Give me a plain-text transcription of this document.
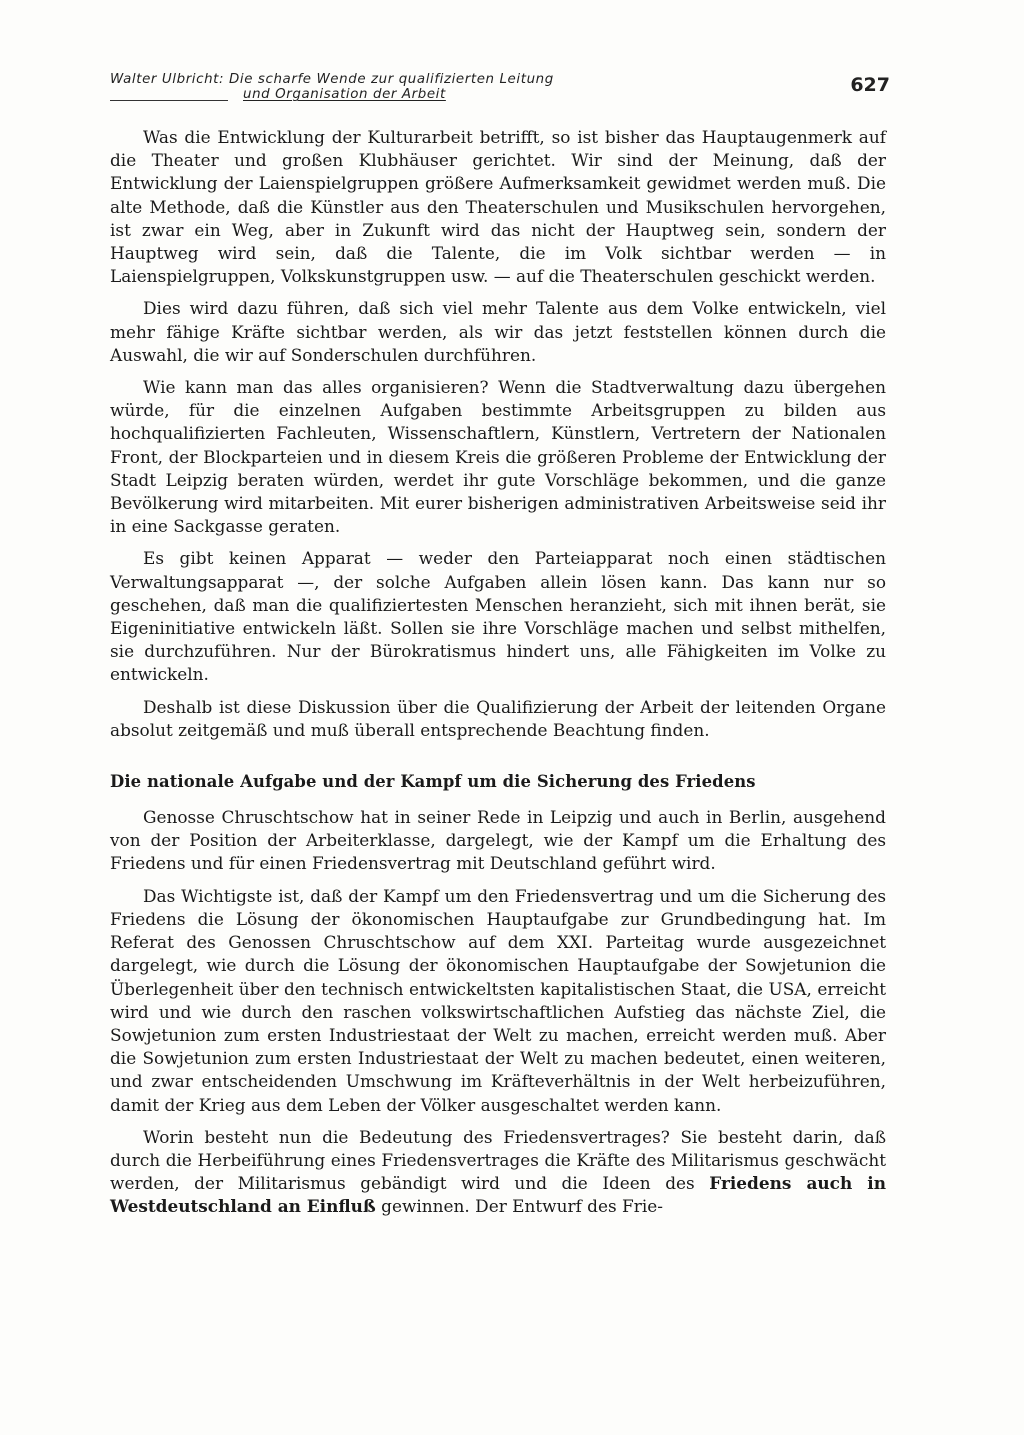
Walter Ulbricht: Die scharfe Wende zur qualifizierten Leitung
und Organisation der Arbeit	627

Was die Entwicklung der Kulturarbeit betrifft, so ist bisher das Hauptaugenmerk auf die Theater und großen Klubhäuser gerichtet. Wir sind der Meinung, daß der Entwicklung der Laienspielgruppen größere Aufmerksamkeit gewidmet werden muß. Die alte Methode, daß die Künstler aus den Theaterschulen und Musikschulen hervorgehen, ist zwar ein Weg, aber in Zukunft wird das nicht der Hauptweg sein, sondern der Hauptweg wird sein, daß die Talente, die im Volk sichtbar werden — in Laienspielgruppen, Volkskunstgruppen usw. — auf die Theaterschulen geschickt werden.

Dies wird dazu führen, daß sich viel mehr Talente aus dem Volke entwickeln, viel mehr fähige Kräfte sichtbar werden, als wir das jetzt feststellen können durch die Auswahl, die wir auf Sonderschulen durchführen.

Wie kann man das alles organisieren? Wenn die Stadtverwaltung dazu übergehen würde, für die einzelnen Aufgaben bestimmte Arbeitsgruppen zu bilden aus hochqualifizierten Fachleuten, Wissenschaftlern, Künstlern, Vertretern der Nationalen Front, der Blockparteien und in diesem Kreis die größeren Probleme der Entwicklung der Stadt Leipzig beraten würden, werdet ihr gute Vorschläge bekommen, und die ganze Bevölkerung wird mitarbeiten. Mit eurer bisherigen administrativen Arbeitsweise seid ihr in eine Sackgasse geraten.

Es gibt keinen Apparat — weder den Parteiapparat noch einen städtischen Verwaltungsapparat —, der solche Aufgaben allein lösen kann. Das kann nur so geschehen, daß man die qualifiziertesten Menschen heranzieht, sich mit ihnen berät, sie Eigeninitiative entwickeln läßt. Sollen sie ihre Vorschläge machen und selbst mithelfen, sie durchzuführen. Nur der Bürokratismus hindert uns, alle Fähigkeiten im Volke zu entwickeln.

Deshalb ist diese Diskussion über die Qualifizierung der Arbeit der leitenden Organe absolut zeitgemäß und muß überall entsprechende Beachtung finden.

Die nationale Aufgabe und der Kampf um die Sicherung des Friedens

Genosse Chruschtschow hat in seiner Rede in Leipzig und auch in Berlin, ausgehend von der Position der Arbeiterklasse, dargelegt, wie der Kampf um die Erhaltung des Friedens und für einen Friedensvertrag mit Deutschland geführt wird.

Das Wichtigste ist, daß der Kampf um den Friedensvertrag und um die Sicherung des Friedens die Lösung der ökonomischen Hauptaufgabe zur Grundbedingung hat. Im Referat des Genossen Chruschtschow auf dem XXI. Parteitag wurde ausgezeichnet dargelegt, wie durch die Lösung der ökonomischen Hauptaufgabe der Sowjetunion die Überlegenheit über den technisch entwickeltsten kapitalistischen Staat, die USA, erreicht wird und wie durch den raschen volkswirtschaftlichen Aufstieg das nächste Ziel, die Sowjetunion zum ersten Industriestaat der Welt zu machen, erreicht werden muß. Aber die Sowjetunion zum ersten Industriestaat der Welt zu machen bedeutet, einen weiteren, und zwar entscheidenden Umschwung im Kräfteverhältnis in der Welt herbeizuführen, damit der Krieg aus dem Leben der Völker ausgeschaltet werden kann.

Worin besteht nun die Bedeutung des Friedensvertrages? Sie besteht darin, daß durch die Herbeiführung eines Friedensvertrages die Kräfte des Militarismus geschwächt werden, der Militarismus gebändigt wird und die Ideen des Friedens auch in Westdeutschland an Einfluß gewinnen. Der Entwurf des Frie-
